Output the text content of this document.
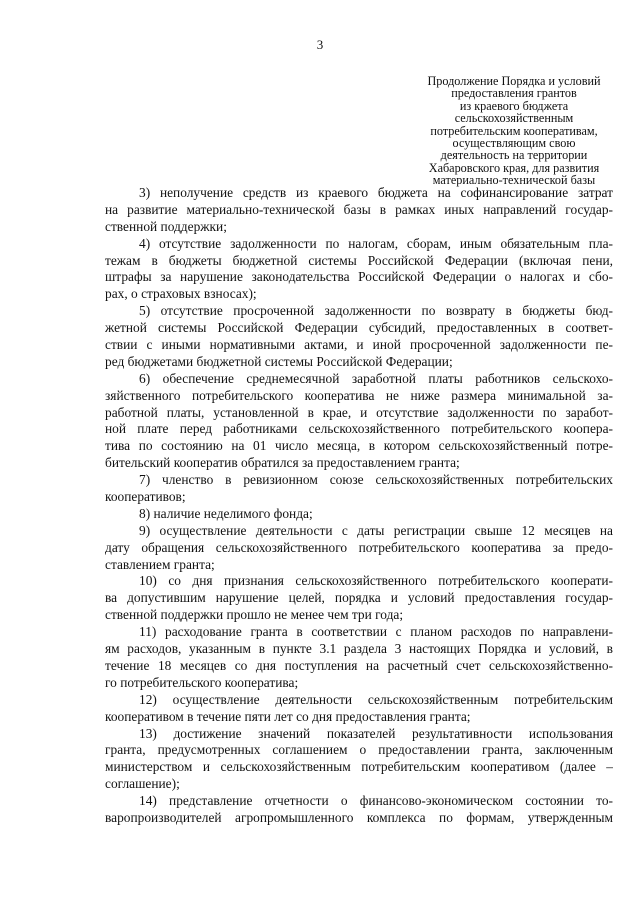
3
Продолжение Порядка и условий
предоставления грантов
из краевого бюджета
сельскохозяйственным
потребительским кооперативам,
осуществляющим свою
деятельность на территории
Хабаровского края, для развития
материально-технической базы
3) неполучение средств из краевого бюджета на софинансирование затрат
на развитие материально-технической базы в рамках иных направлений государ-
ственной поддержки;
4) отсутствие задолженности по налогам, сборам, иным обязательным пла-
тежам в бюджеты бюджетной системы Российской Федерации (включая пени,
штрафы за нарушение законодательства Российской Федерации о налогах и сбо-
рах, о страховых взносах);
5) отсутствие просроченной задолженности по возврату в бюджеты бюд-
жетной системы Российской Федерации субсидий, предоставленных в соответ-
ствии с иными нормативными актами, и иной просроченной задолженности пе-
ред бюджетами бюджетной системы Российской Федерации;
6) обеспечение среднемесячной заработной платы работников сельскохо-
зяйственного потребительского кооператива не ниже размера минимальной за-
работной платы, установленной в крае, и отсутствие задолженности по заработ-
ной плате перед работниками сельскохозяйственного потребительского коопера-
тива по состоянию на 01 число месяца, в котором сельскохозяйственный потре-
бительский кооператив обратился за предоставлением гранта;
7) членство в ревизионном союзе сельскохозяйственных потребительских
кооперативов;
8) наличие неделимого фонда;
9) осуществление деятельности с даты регистрации свыше 12 месяцев на
дату обращения сельскохозяйственного потребительского кооператива за предо-
ставлением гранта;
10) со дня признания сельскохозяйственного потребительского кооперати-
ва допустившим нарушение целей, порядка и условий предоставления государ-
ственной поддержки прошло не менее чем три года;
11) расходование гранта в соответствии с планом расходов по направлени-
ям расходов, указанным в пункте 3.1 раздела 3 настоящих Порядка и условий, в
течение 18 месяцев со дня поступления на расчетный счет сельскохозяйственно-
го потребительского кооператива;
12) осуществление деятельности сельскохозяйственным потребительским
кооперативом в течение пяти лет со дня предоставления гранта;
13) достижение значений показателей результативности использования
гранта, предусмотренных соглашением о предоставлении гранта, заключенным
министерством и сельскохозяйственным потребительским кооперативом (далее –
соглашение);
14) представление отчетности о финансово-экономическом состоянии то-
варопроизводителей агропромышленного комплекса по формам, утвержденным
